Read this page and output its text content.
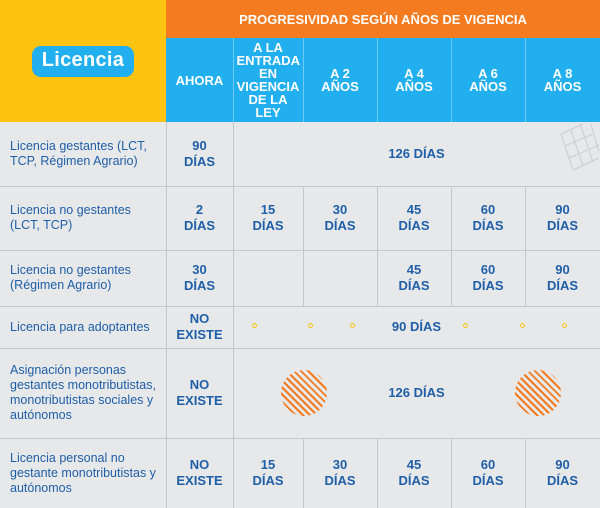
Licencia
PROGRESIVIDAD SEGÚN AÑOS DE VIGENCIA
AHORA
A LA ENTRADA EN VIGENCIA DE LA LEY
A 2 AÑOS
A 4 AÑOS
A 6 AÑOS
A 8 AÑOS
Licencia gestantes (LCT, TCP, Régimen Agrario)
90 DÍAS
126 DÍAS
Licencia no gestantes (LCT, TCP)
2 DÍAS
15 DÍAS
30 DÍAS
45 DÍAS
60 DÍAS
90 DÍAS
Licencia no gestantes (Régimen Agrario)
30 DÍAS
45 DÍAS
60 DÍAS
90 DÍAS
Licencia para adoptantes
NO EXISTE
90 DÍAS
Asignación personas gestantes monotributistas, monotributistas sociales y autónomos
NO EXISTE
126 DÍAS
Licencia personal no gestante monotributistas y autónomos
NO EXISTE
15 DÍAS
30 DÍAS
45 DÍAS
60 DÍAS
90 DÍAS
